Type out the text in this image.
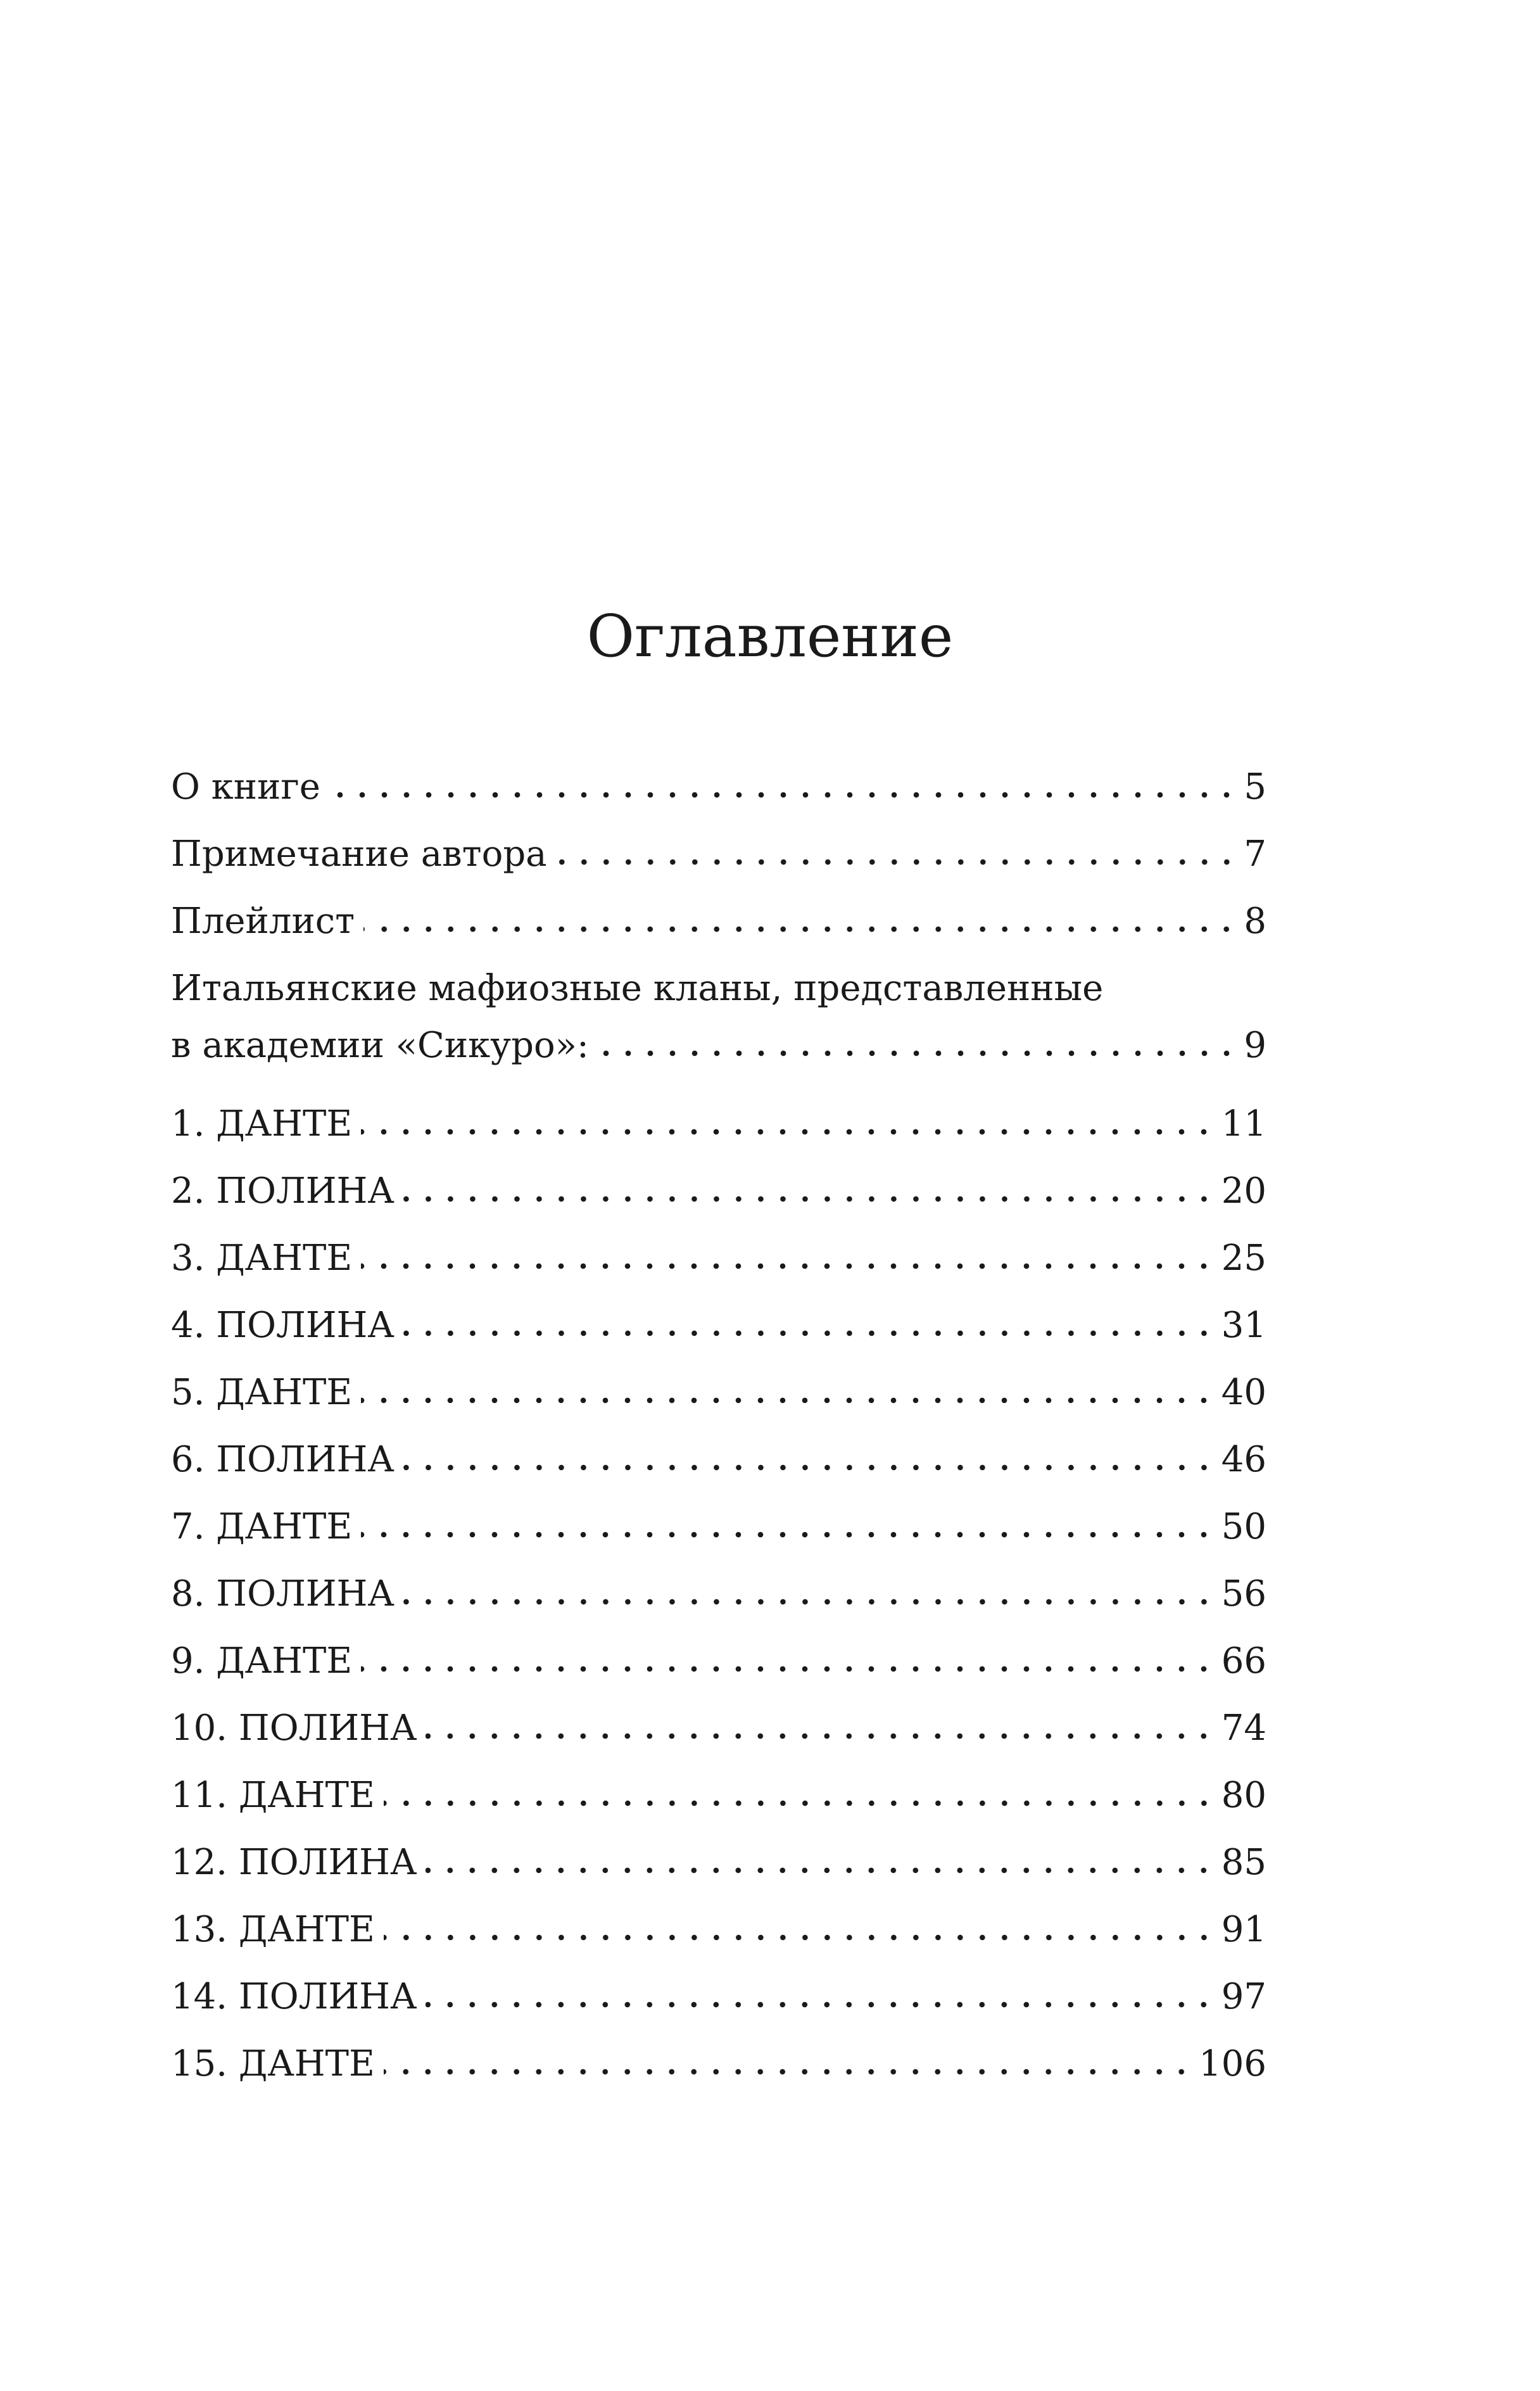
Оглавление
О книге	5
Примечание автора	7
Плейлист	8
Итальянские мафиозные кланы, представленные
в академии «Сикуро»:	9
1. ДАНТЕ	11
2. ПОЛИНА	20
3. ДАНТЕ	25
4. ПОЛИНА	31
5. ДАНТЕ	40
6. ПОЛИНА	46
7. ДАНТЕ	50
8. ПОЛИНА	56
9. ДАНТЕ	66
10. ПОЛИНА	74
11. ДАНТЕ	80
12. ПОЛИНА	85
13. ДАНТЕ	91
14. ПОЛИНА	97
15. ДАНТЕ	106
